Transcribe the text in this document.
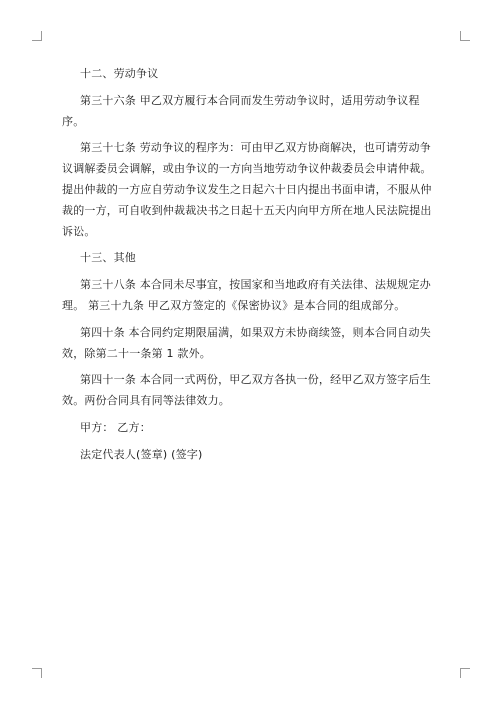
十二、劳动争议

第三十六条 甲乙双方履行本合同而发生劳动争议时，适用劳动争议程序。

第三十七条 劳动争议的程序为：可由甲乙双方协商解决，也可请劳动争议调解委员会调解，或由争议的一方向当地劳动争议仲裁委员会申请仲裁。提出仲裁的一方应自劳动争议发生之日起六十日内提出书面申请，不服从仲裁的一方，可自收到仲裁裁决书之日起十五天内向甲方所在地人民法院提出诉讼。

十三、其他

第三十八条 本合同未尽事宜，按国家和当地政府有关法律、法规规定办理。 第三十九条 甲乙双方签定的《保密协议》是本合同的组成部分。

第四十条 本合同约定期限届满，如果双方未协商续签，则本合同自动失效，除第二十一条第 1 款外。

第四十一条 本合同一式两份，甲乙双方各执一份，经甲乙双方签字后生效。两份合同具有同等法律效力。

甲方： 乙方：

法定代表人(签章) (签字)
